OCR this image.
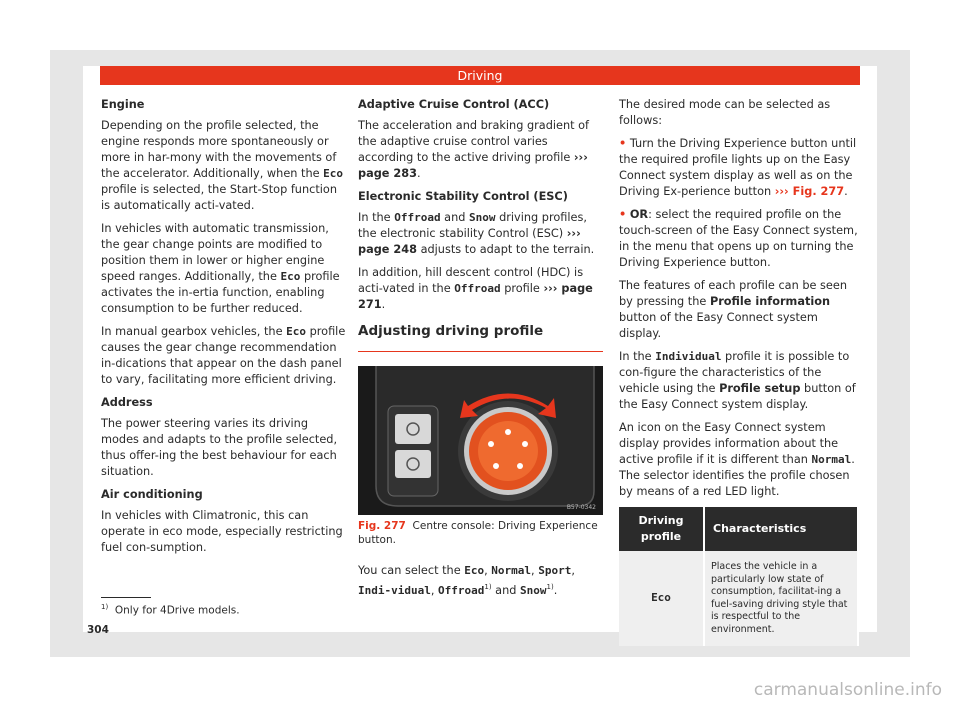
Driving
Engine

Depending on the profile selected, the engine responds more spontaneously or more in har-mony with the movements of the accelerator. Additionally, when the Eco profile is selected, the Start-Stop function is automatically acti-vated.

In vehicles with automatic transmission, the gear change points are modified to position them in lower or higher engine speed ranges. Additionally, the Eco profile activates the in-ertia function, enabling consumption to be further reduced.

In manual gearbox vehicles, the Eco profile causes the gear change recommendation in-dications that appear on the dash panel to vary, facilitating more efficient driving.

Address

The power steering varies its driving modes and adapts to the profile selected, thus offer-ing the best behaviour for each situation.

Air conditioning

In vehicles with Climatronic, this can operate in eco mode, especially restricting fuel con-sumption.

Adaptive Cruise Control (ACC)

The acceleration and braking gradient of the adaptive cruise control varies according to the active driving profile ››› page 283.

Electronic Stability Control (ESC)

In the Offroad and Snow driving profiles, the electronic stability Control (ESC) ››› page 248 adjusts to adapt to the terrain.

In addition, hill descent control (HDC) is acti-vated in the Offroad profile ››› page 271.

Adjusting driving profile
B57-0342
Fig. 277 Centre console: Driving Experience button.

You can select the Eco, Normal, Sport, Indi-vidual, Offroad$^{1)}$ and Snow$^{1)}$.

The desired mode can be selected as follows:

• Turn the Driving Experience button until the required profile lights up on the Easy Connect system display as well as on the Driving Ex-perience button ››› Fig. 277.

• OR: select the required profile on the touch-screen of the Easy Connect system, in the menu that opens up on turning the Driving Experience button.

The features of each profile can be seen by pressing the Profile information button of the Easy Connect system display.

In the Individual profile it is possible to con-figure the characteristics of the vehicle using the Profile setup button of the Easy Connect system display.

An icon on the Easy Connect system display provides information about the active profile if it is different than Normal. The selector identifies the profile chosen by means of a red LED light.

Driving profile	Characteristics
Eco	Places the vehicle in a particularly low state of consumption, facilitat-ing a fuel-saving driving style that is respectful to the environment.
$^{1)}$ Only for 4Drive models.
304
carmanualsonline.info
